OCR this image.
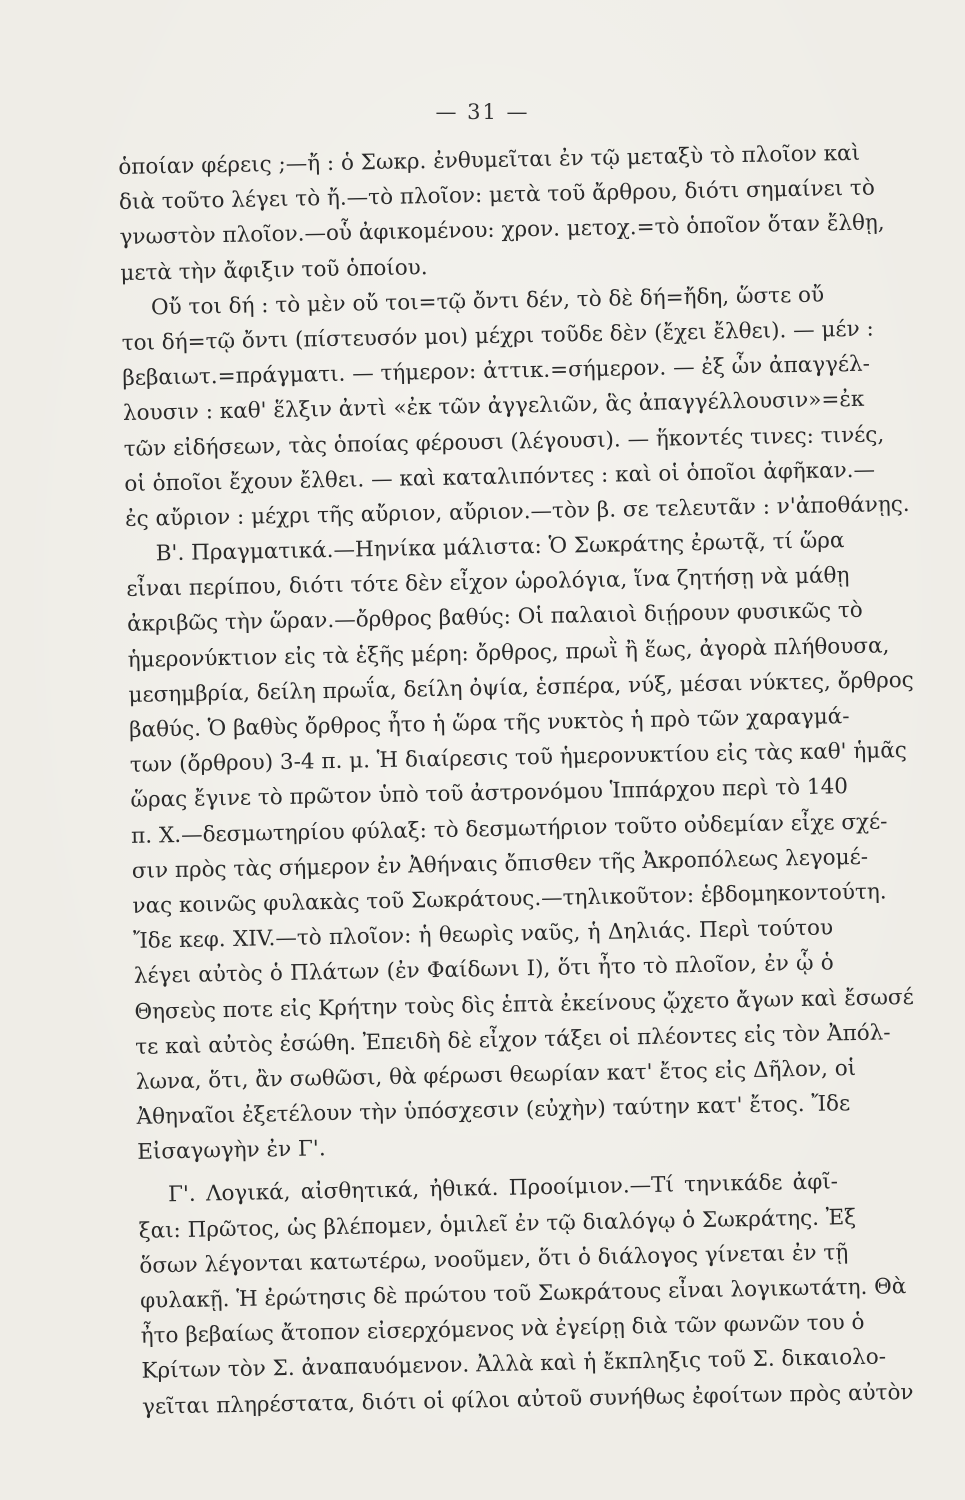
— 31 —
ὁποίαν φέρεις ;—ἤ : ὁ Σωκρ. ἐνθυμεῖται ἐν τῷ μεταξὺ τὸ πλοῖον καὶ
διὰ τοῦτο λέγει τὸ ἤ.—τὸ πλοῖον: μετὰ τοῦ ἄρθρου, διότι σημαίνει τὸ
γνωστὸν πλοῖον.—οὗ ἀφικομένου: χρον. μετοχ.=τὸ ὁποῖον ὅταν ἔλθῃ,
μετὰ τὴν ἄφιξιν τοῦ ὁποίου.
Οὔ τοι δή : τὸ μὲν οὔ τοι=τῷ ὄντι δέν, τὸ δὲ δή=ἤδη, ὥστε οὔ
τοι δή=τῷ ὄντι (πίστευσόν μοι) μέχρι τοῦδε δὲν (ἔχει ἔλθει). — μέν :
βεβαιωτ.=πράγματι. — τήμερον: ἀττικ.=σήμερον. — ἐξ ὧν ἀπαγγέλ-
λουσιν : καθ' ἕλξιν ἀντὶ «ἐκ τῶν ἀγγελιῶν, ἃς ἀπαγγέλλουσιν»=ἐκ
τῶν εἰδήσεων, τὰς ὁποίας φέρουσι (λέγουσι). — ἥκοντές τινες: τινές,
οἱ ὁποῖοι ἔχουν ἔλθει. — καὶ καταλιπόντες : καὶ οἱ ὁποῖοι ἀφῆκαν.—
ἐς αὔριον : μέχρι τῆς αὔριον, αὔριον.—τὸν β. σε τελευτᾶν : ν'ἀποθάνῃς.
Β'. Πραγματικά.—Ηηνίκα μάλιστα: Ὁ Σωκράτης ἐρωτᾷ, τί ὥρα
εἶναι περίπου, διότι τότε δὲν εἶχον ὡρολόγια, ἵνα ζητήσῃ νὰ μάθῃ
ἀκριβῶς τὴν ὥραν.—ὄρθρος βαθύς: Οἱ παλαιοὶ διῄρουν φυσικῶς τὸ
ἡμερονύκτιον εἰς τὰ ἑξῆς μέρη: ὄρθρος, πρωῒ ἢ ἕως, ἀγορὰ πλήθουσα,
μεσημβρία, δείλη πρωΐα, δείλη ὀψία, ἑσπέρα, νύξ, μέσαι νύκτες, ὄρθρος
βαθύς. Ὁ βαθὺς ὄρθρος ἦτο ἡ ὥρα τῆς νυκτὸς ἡ πρὸ τῶν χαραγμά-
των (ὄρθρου) 3-4 π. μ. Ἡ διαίρεσις τοῦ ἡμερονυκτίου εἰς τὰς καθ' ἡμᾶς
ὥρας ἔγινε τὸ πρῶτον ὑπὸ τοῦ ἀστρονόμου Ἱππάρχου περὶ τὸ 140
π. Χ.—δεσμωτηρίου φύλαξ: τὸ δεσμωτήριον τοῦτο οὐδεμίαν εἶχε σχέ-
σιν πρὸς τὰς σήμερον ἐν Ἀθήναις ὄπισθεν τῆς Ἀκροπόλεως λεγομέ-
νας κοινῶς φυλακὰς τοῦ Σωκράτους.—τηλικοῦτον: ἑβδομηκοντούτη.
Ἴδε κεφ. XIV.—τὸ πλοῖον: ἡ θεωρὶς ναῦς, ἡ Δηλιάς. Περὶ τούτου
λέγει αὐτὸς ὁ Πλάτων (ἐν Φαίδωνι I), ὅτι ἦτο τὸ πλοῖον, ἐν ᾧ ὁ
Θησεὺς ποτε εἰς Κρήτην τοὺς δὶς ἑπτὰ ἐκείνους ᾤχετο ἄγων καὶ ἔσωσέ
τε καὶ αὐτὸς ἐσώθη. Ἐπειδὴ δὲ εἶχον τάξει οἱ πλέοντες εἰς τὸν Ἀπόλ-
λωνα, ὅτι, ἂν σωθῶσι, θὰ φέρωσι θεωρίαν κατ' ἔτος εἰς Δῆλον, οἱ
Ἀθηναῖοι ἐξετέλουν τὴν ὑπόσχεσιν (εὐχὴν) ταύτην κατ' ἔτος. Ἴδε
Εἰσαγωγὴν ἐν Γ'.
Γ'. Λογικά, αἰσθητικά, ἠθικά. Προοίμιον.—Τί τηνικάδε ἀφῖ-
ξαι: Πρῶτος, ὡς βλέπομεν, ὁμιλεῖ ἐν τῷ διαλόγῳ ὁ Σωκράτης. Ἐξ
ὅσων λέγονται κατωτέρω, νοοῦμεν, ὅτι ὁ διάλογος γίνεται ἐν τῇ
φυλακῇ. Ἡ ἐρώτησις δὲ πρώτου τοῦ Σωκράτους εἶναι λογικωτάτη. Θὰ
ἦτο βεβαίως ἄτοπον εἰσερχόμενος νὰ ἐγείρῃ διὰ τῶν φωνῶν του ὁ
Κρίτων τὸν Σ. ἀναπαυόμενον. Ἀλλὰ καὶ ἡ ἔκπληξις τοῦ Σ. δικαιολο-
γεῖται πληρέστατα, διότι οἱ φίλοι αὐτοῦ συνήθως ἐφοίτων πρὸς αὐτὸν
